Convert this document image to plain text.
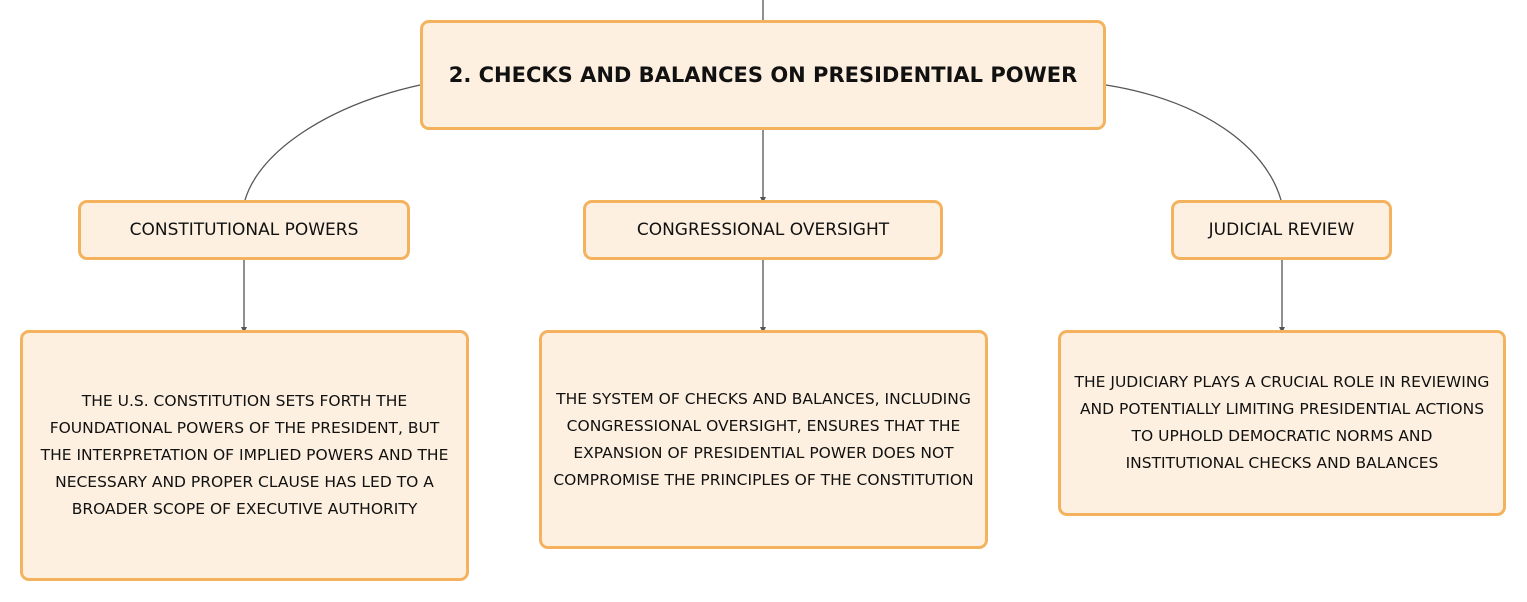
2. CHECKS AND BALANCES ON PRESIDENTIAL POWER
CONSTITUTIONAL POWERS	CONGRESSIONAL OVERSIGHT	JUDICIAL REVIEW
THE U.S. CONSTITUTION SETS FORTH THE FOUNDATIONAL POWERS OF THE PRESIDENT, BUT THE INTERPRETATION OF IMPLIED POWERS AND THE NECESSARY AND PROPER CLAUSE HAS LED TO A BROADER SCOPE OF EXECUTIVE AUTHORITY
THE SYSTEM OF CHECKS AND BALANCES, INCLUDING CONGRESSIONAL OVERSIGHT, ENSURES THAT THE EXPANSION OF PRESIDENTIAL POWER DOES NOT COMPROMISE THE PRINCIPLES OF THE CONSTITUTION
THE JUDICIARY PLAYS A CRUCIAL ROLE IN REVIEWING AND POTENTIALLY LIMITING PRESIDENTIAL ACTIONS TO UPHOLD DEMOCRATIC NORMS AND INSTITUTIONAL CHECKS AND BALANCES
